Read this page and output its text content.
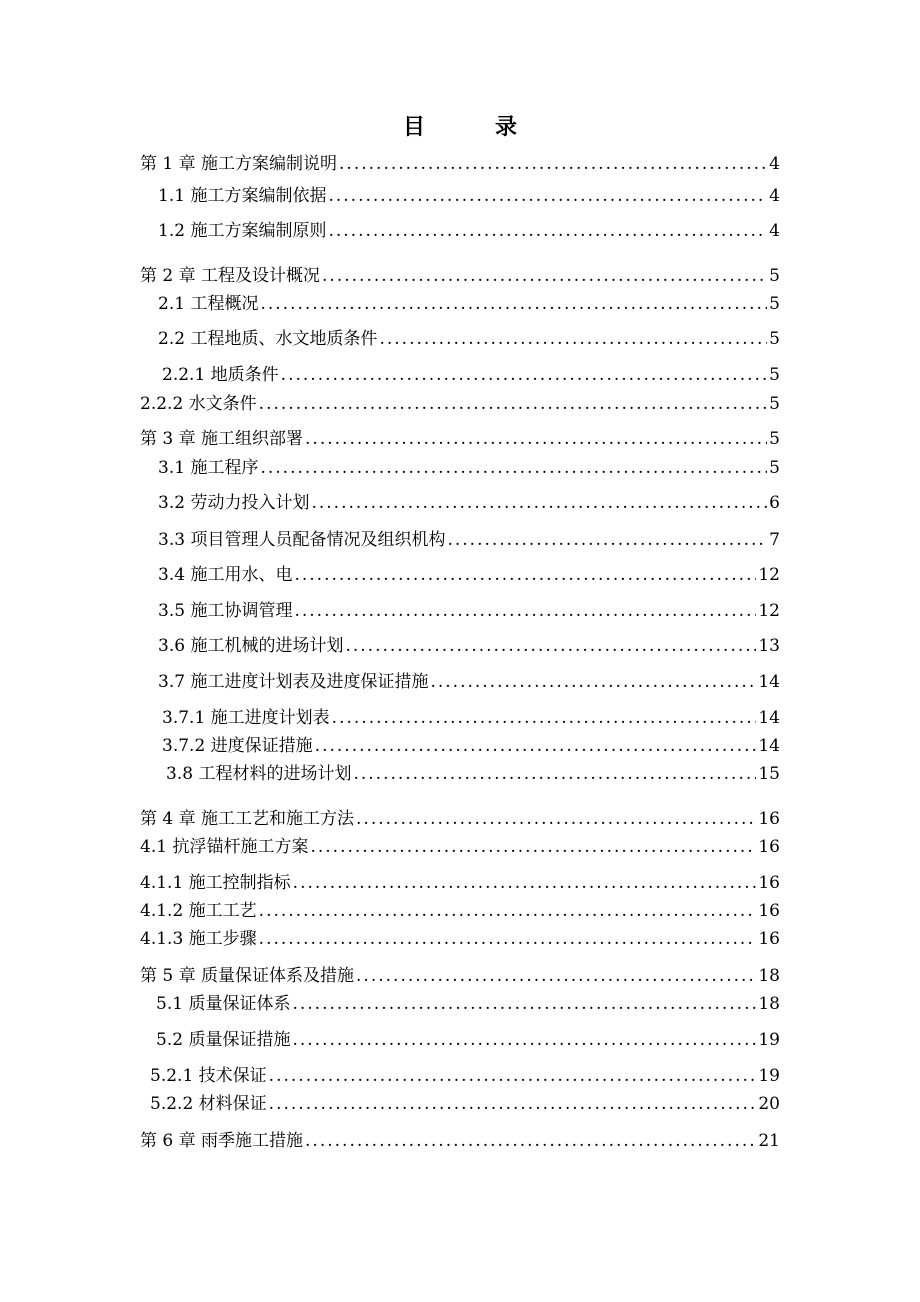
目	录
第 1 章 施工方案编制说明 .....	4
1.1 施工方案编制依据 .....	4
1.2 施工方案编制原则 .....	4
第 2 章 工程及设计概况 .....	5
2.1 工程概况 .....	5
2.2 工程地质、水文地质条件 .....	5
2.2.1 地质条件 .....	5
2.2.2 水文条件 .....	5
第 3 章 施工组织部署 .....	5
3.1 施工程序 .....	5
3.2 劳动力投入计划 .....	6
3.3 项目管理人员配备情况及组织机构 .....	7
3.4 施工用水、电 .....	12
3.5 施工协调管理 .....	12
3.6 施工机械的进场计划 .....	13
3.7 施工进度计划表及进度保证措施 .....	14
3.7.1 施工进度计划表 .....	14
3.7.2 进度保证措施 .....	14
3.8 工程材料的进场计划 .....	15
第 4 章 施工工艺和施工方法 .....	16
4.1 抗浮锚杆施工方案 .....	16
4.1.1 施工控制指标 .....	16
4.1.2 施工工艺 .....	16
4.1.3 施工步骤 .....	16
第 5 章 质量保证体系及措施 .....	18
5.1 质量保证体系 .....	18
5.2 质量保证措施 .....	19
5.2.1 技术保证 .....	19
5.2.2 材料保证 .....	20
第 6 章 雨季施工措施 .....	21
